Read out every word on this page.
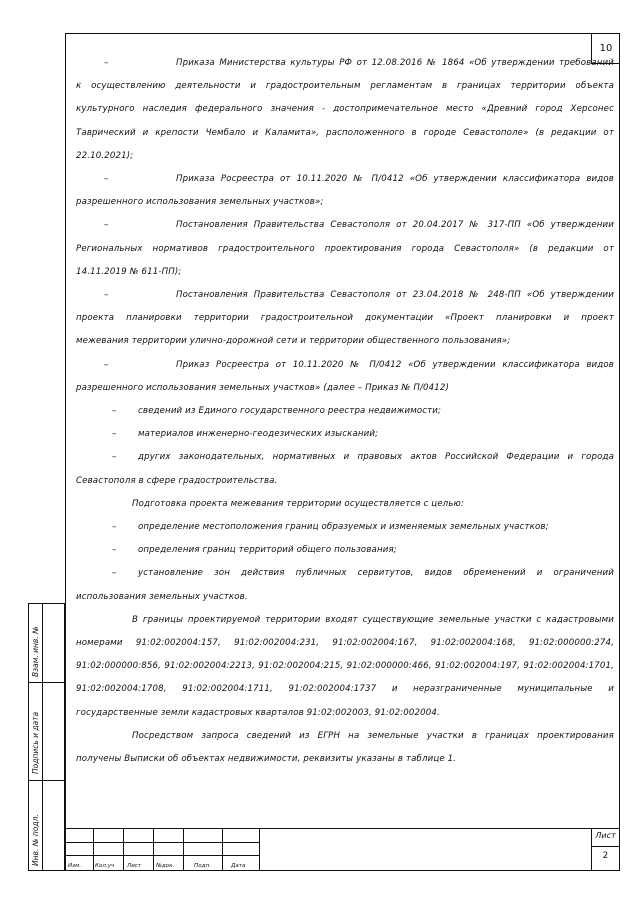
10
–	Приказа Министерства культуры РФ от 12.08.2016 № 1864 «Об утверждении требований
к осуществлению деятельности и градостроительным регламентам в границах территории объекта
культурного наследия федерального значения - достопримечательное место «Древний город Херсонес
Таврический и крепости Чембало и Каламита», расположенного в городе Севастополе» (в редакции от
22.10.2021);
–	Приказа Росреестра от 10.11.2020 № П/0412 «Об утверждении классификатора видов
разрешенного использования земельных участков»;
–	Постановления Правительства Севастополя от 20.04.2017 № 317-ПП «Об утверждении
Региональных нормативов градостроительного проектирования города Севастополя» (в редакции от
14.11.2019 № 611-ПП);
–	Постановления Правительства Севастополя от 23.04.2018 № 248-ПП «Об утверждении
проекта планировки территории градостроительной документации «Проект планировки и проект
межевания территории улично-дорожной сети и территории общественного пользования»;
–	Приказ Росреестра от 10.11.2020 № П/0412 «Об утверждении классификатора видов
разрешенного использования земельных участков» (далее – Приказ № П/0412)
–	сведений из Единого государственного реестра недвижимости;
–	материалов инженерно-геодезических изысканий;
–	других законодательных, нормативных и правовых актов Российской Федерации и города
Севастополя в сфере градостроительства.
Подготовка проекта межевания территории осуществляется с целью:
–	определение местоположения границ образуемых и изменяемых земельных участков;
–	определения границ территорий общего пользования;
–	установление зон действия публичных сервитутов, видов обременений и ограничений
использования земельных участков.
В границы проектируемой территории входят существующие земельные участки с кадастровыми
номерами 91:02:002004:157, 91:02:002004:231, 91:02:002004:167, 91:02:002004:168, 91:02:000000:274,
91:02:000000:856, 91:02:002004:2213, 91:02:002004:215, 91:02:000000:466, 91:02:002004:197, 91:02:002004:1701,
91:02:002004:1708, 91:02:002004:1711, 91:02:002004:1737 и неразграниченные муниципальные и
государственные земли кадастровых кварталов 91:02:002003, 91:02:002004.
Посредством запроса сведений из ЕГРН на земельные участки в границах проектирования
получены Выписки об объектах недвижимости, реквизиты указаны в таблице 1.
Взам. инв. №
Подпись и дата
Инв. № подл.	Изм. Кол.уч Лист	№док.	Подп.	Дата
Лист
2
